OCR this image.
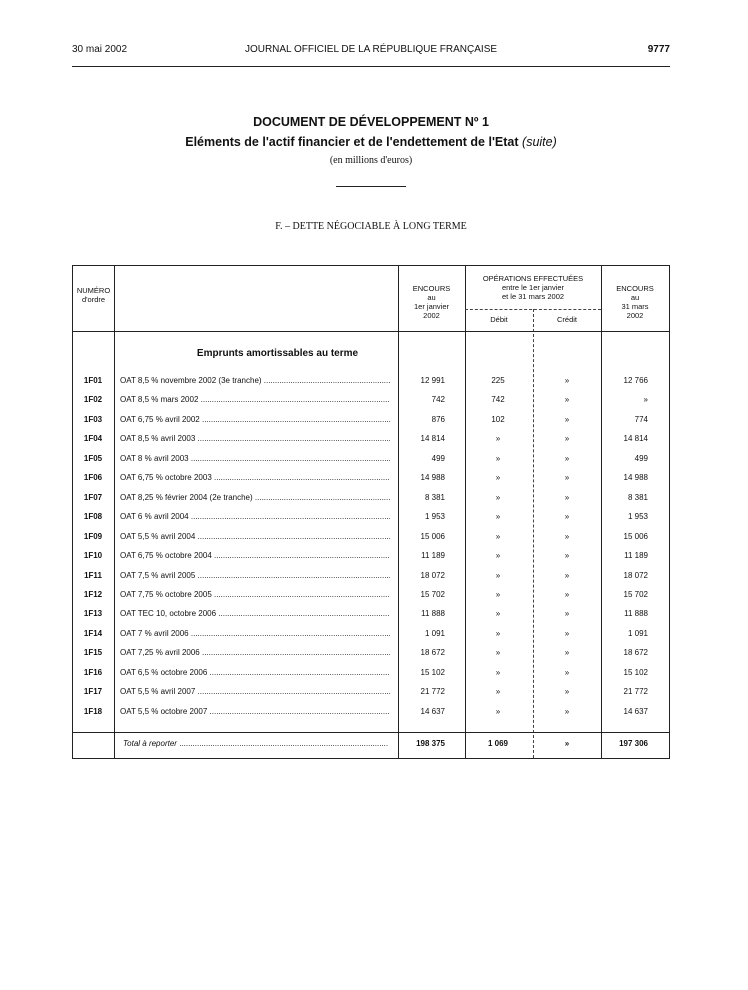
30 mai 2002	JOURNAL OFFICIEL DE LA RÉPUBLIQUE FRANÇAISE	9777
DOCUMENT DE DÉVELOPPEMENT Nº 1
Eléments de l'actif financier et de l'endettement de l'Etat (suite)
(en millions d'euros)
F. – DETTE NÉGOCIABLE À LONG TERME
NUMÉRO
d'ordre
ENCOURS
au
1er janvier
2002
OPÉRATIONS EFFECTUÉES
entre le 1er janvier
et le 31 mars 2002
Débit	Crédit
ENCOURS
au
31 mars
2002
Emprunts amortissables au terme
1F01	OAT 8,5 % novembre 2002 (3e tranche) .....	12 991	225	»	12 766
1F02	OAT 8,5 % mars 2002 .....	742	742	»	»
1F03	OAT 6,75 % avril 2002 .....	876	102	»	774
1F04	OAT 8,5 % avril 2003 .....	14 814	»	»	14 814
1F05	OAT 8 % avril 2003 .....	499	»	»	499
1F06	OAT 6,75 % octobre 2003 .....	14 988	»	»	14 988
1F07	OAT 8,25 % février 2004 (2e tranche) .....	8 381	»	»	8 381
1F08	OAT 6 % avril 2004 .....	1 953	»	»	1 953
1F09	OAT 5,5 % avril 2004 .....	15 006	»	»	15 006
1F10	OAT 6,75 % octobre 2004 .....	11 189	»	»	11 189
1F11	OAT 7,5 % avril 2005 .....	18 072	»	»	18 072
1F12	OAT 7,75 % octobre 2005 .....	15 702	»	»	15 702
1F13	OAT TEC 10, octobre 2006 .....	11 888	»	»	11 888
1F14	OAT 7 % avril 2006 .....	1 091	»	»	1 091
1F15	OAT 7,25 % avril 2006 .....	18 672	»	»	18 672
1F16	OAT 6,5 % octobre 2006 .....	15 102	»	»	15 102
1F17	OAT 5,5 % avril 2007 .....	21 772	»	»	21 772
1F18	OAT 5,5 % octobre 2007 .....	14 637	»	»	14 637
Total à reporter .....	198 375	1 069	»	197 306
